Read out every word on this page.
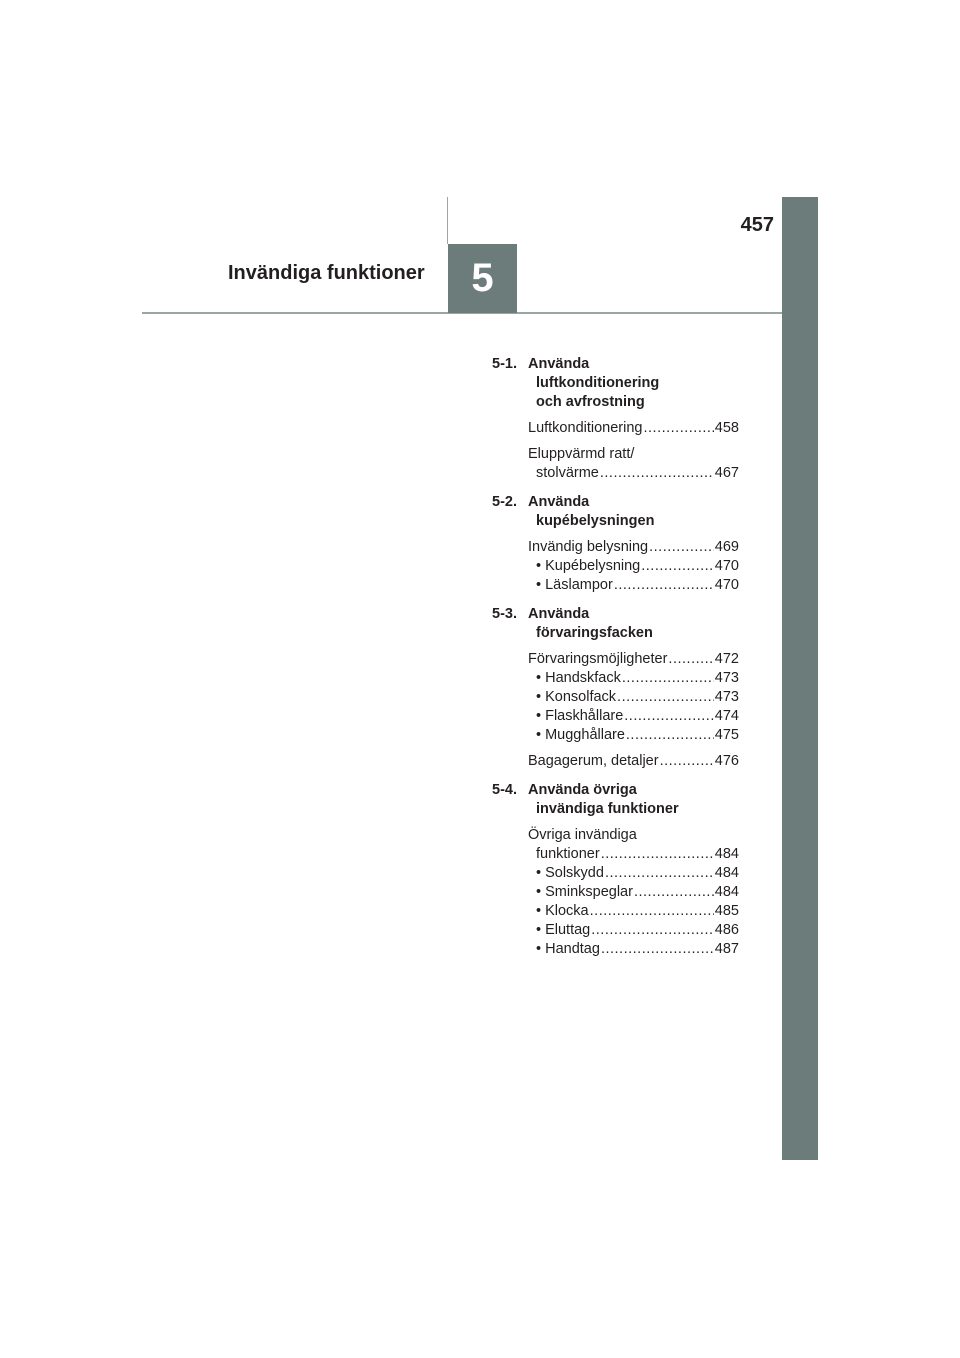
457
Invändiga funktioner 5
5-1. Använda
luftkonditionering
och avfrostning
Luftkonditionering .....	458
Eluppvärmd ratt/
stolvärme .....	467
5-2. Använda
kupébelysningen
Invändig belysning .....	469
• Kupébelysning .....	470
• Läslampor .....	470
5-3. Använda
förvaringsfacken
Förvaringsmöjligheter .....	472
• Handskfack .....	473
• Konsolfack .....	473
• Flaskhållare .....	474
• Mugghållare .....	475
Bagagerum, detaljer .....	476
5-4. Använda övriga
invändiga funktioner
Övriga invändiga
funktioner .....	484
• Solskydd .....	484
• Sminkspeglar .....	484
• Klocka .....	485
• Eluttag .....	486
• Handtag .....	487
